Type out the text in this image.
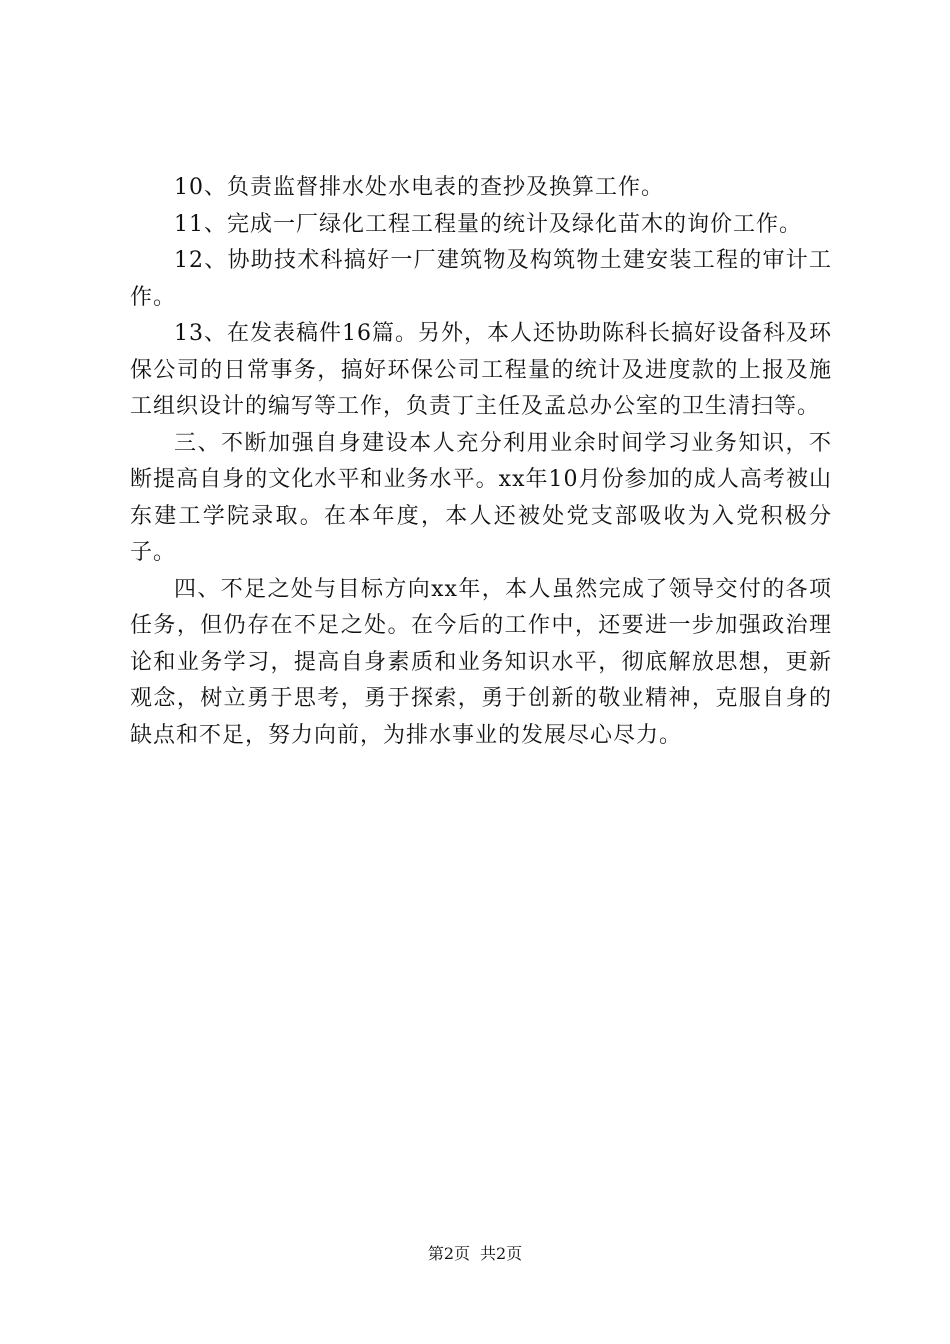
10、负责监督排水处水电表的查抄及换算工作。

11、完成一厂绿化工程工程量的统计及绿化苗木的询价工作。

12、协助技术科搞好一厂建筑物及构筑物土建安装工程的审计工作。

13、在发表稿件16篇。另外，本人还协助陈科长搞好设备科及环保公司的日常事务，搞好环保公司工程量的统计及进度款的上报及施工组织设计的编写等工作，负责丁主任及孟总办公室的卫生清扫等。

三、不断加强自身建设本人充分利用业余时间学习业务知识，不断提高自身的文化水平和业务水平。xx年10月份参加的成人高考被山东建工学院录取。在本年度，本人还被处党支部吸收为入党积极分子。

四、不足之处与目标方向xx年，本人虽然完成了领导交付的各项任务，但仍存在不足之处。在今后的工作中，还要进一步加强政治理论和业务学习，提高自身素质和业务知识水平，彻底解放思想，更新观念，树立勇于思考，勇于探索，勇于创新的敬业精神，克服自身的缺点和不足，努力向前，为排水事业的发展尽心尽力。

第2页 共2页
